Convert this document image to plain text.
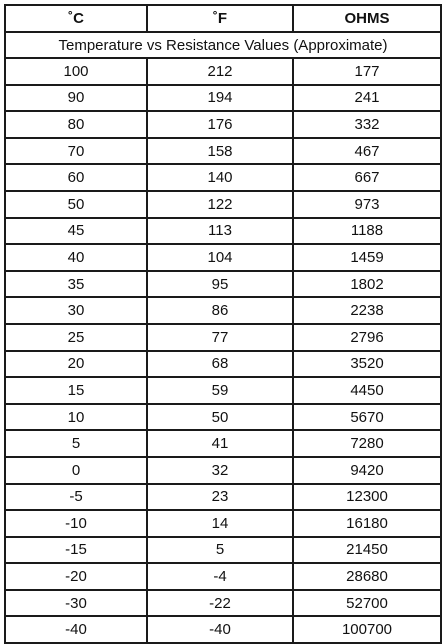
˚C	˚F	OHMS
Temperature vs Resistance Values (Approximate)		
100	212	177
90	194	241
80	176	332
70	158	467
60	140	667
50	122	973
45	113	1188
40	104	1459
35	95	1802
30	86	2238
25	77	2796
20	68	3520
15	59	4450
10	50	5670
5	41	7280
0	32	9420
-5	23	12300
-10	14	16180
-15	5	21450
-20	-4	28680
-30	-22	52700
-40	-40	100700
